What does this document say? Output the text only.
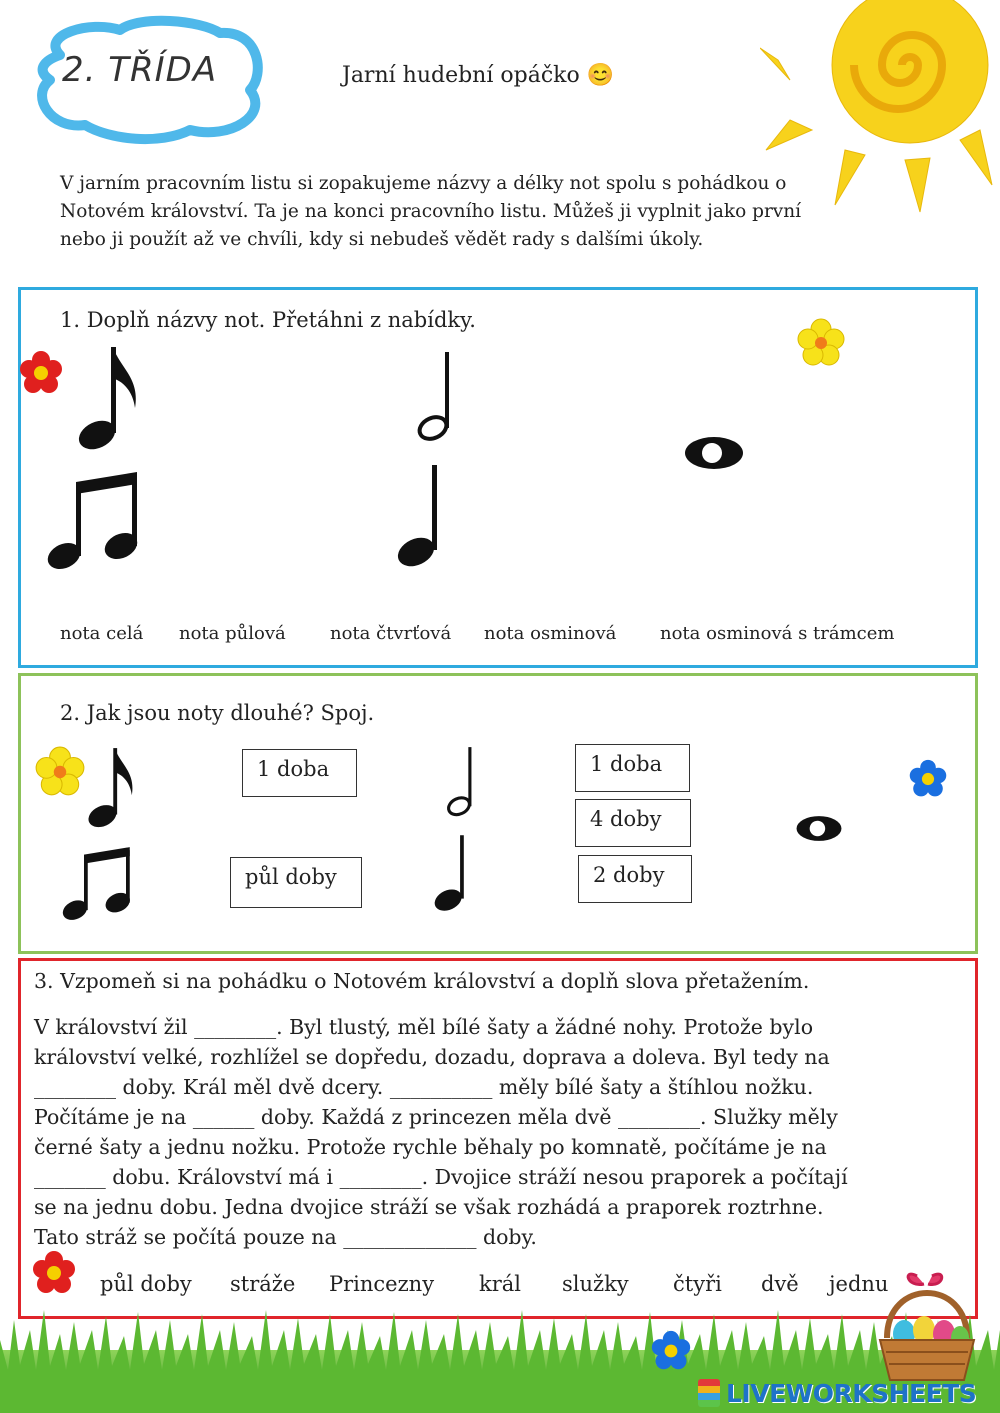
2. TŘÍDA	Jarní hudební opáčko 😊

V jarním pracovním listu si zopakujeme názvy a délky not spolu s pohádkou o

Notovém království. Ta je na konci pracovního listu. Můžeš ji vyplnit jako první

nebo ji použít až ve chvíli, kdy si nebudeš vědět rady s dalšími úkoly.

1. Doplň názvy not. Přetáhni z nabídky.
nota celá nota půlová nota čtvrťová nota osminová nota osminová s trámcem
2. Jak jsou noty dlouhé? Spoj.
1 doba
půl doby
1 doba
4 doby
2 doby
3. Vzpomeň si na pohádku o Notovém království a doplň slova přetažením.

V království žil ________. Byl tlustý, měl bílé šaty a žádné nohy. Protože bylo

království velké, rozhlížel se dopředu, dozadu, doprava a doleva. Byl tedy na

________ doby. Král měl dvě dcery. __________ měly bílé šaty a štíhlou nožku.

Počítáme je na ______ doby. Každá z princezen měla dvě ________. Služky měly

černé šaty a jednu nožku. Protože rychle běhaly po komnatě, počítáme je na

_______ dobu. Království má i ________. Dvojice stráží nesou praporek a počítají

se na jednu dobu. Jedna dvojice stráží se však rozhádá a praporek roztrhne.

Tato stráž se počítá pouze na _____________ doby.

půl doby stráže Princezny král služky čtyři dvě jednu
LIVEWORKSHEETS
